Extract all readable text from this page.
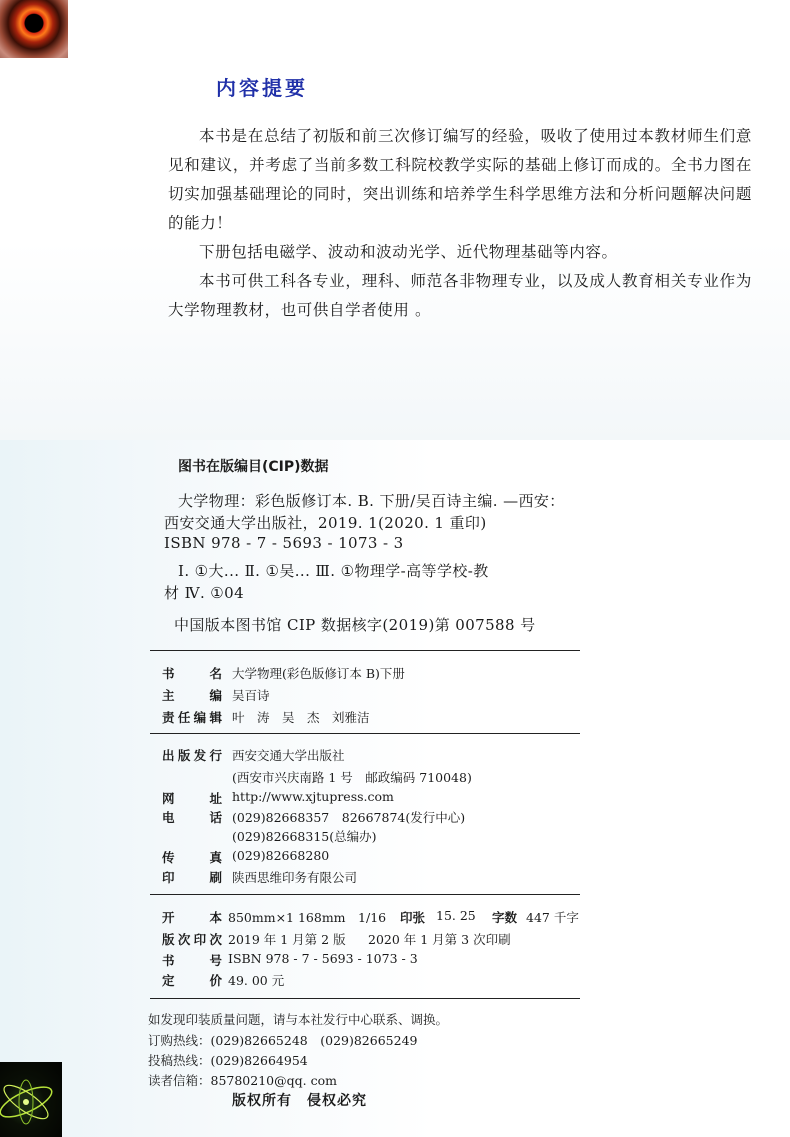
内容提要

本书是在总结了初版和前三次修订编写的经验，吸收了使用过本教材师生们意见和建议，并考虑了当前多数工科院校教学实际的基础上修订而成的。全书力图在切实加强基础理论的同时，突出训练和培养学生科学思维方法和分析问题解决问题的能力！

下册包括电磁学、波动和波动光学、近代物理基础等内容。

本书可供工科各专业，理科、师范各非物理专业，以及成人教育相关专业作为大学物理教材，也可供自学者使用 。

图书在版编目(CIP)数据

大学物理：彩色版修订本. B. 下册/吴百诗主编. —西安：

西安交通大学出版社，2019. 1(2020. 1 重印)

ISBN 978 - 7 - 5693 - 1073 - 3

Ⅰ. ①大... Ⅱ. ①吴... Ⅲ. ①物理学-高等学校-教

材 Ⅳ. ①04

中国版本图书馆 CIP 数据核字(2019)第 007588 号

书　　名 大学物理(彩色版修订本 B)下册
主　　编 吴百诗
责任编辑 叶　涛　吴　杰　刘雅洁
出版发行 西安交通大学出版社
(西安市兴庆南路 1 号　邮政编码 710048)
网　　址 http://www.xjtupress.com
电　　话 (029)82668357　82667874(发行中心)
(029)82668315(总编办)
传　　真 (029)82668280
印　　刷 陕西思维印务有限公司
开　　本 850mm×1 168mm　1/16 印张 15. 25 字数 447 千字
版次印次 2019 年 1 月第 2 版 2020 年 1 月第 3 次印刷
书　　号 ISBN 978 - 7 - 5693 - 1073 - 3
定　　价 49. 00 元
如发现印装质量问题，请与本社发行中心联系、调换。
订购热线：(029)82665248　(029)82665249
投稿热线：(029)82664954
读者信箱：85780210@qq. com

版权所有　侵权必究
